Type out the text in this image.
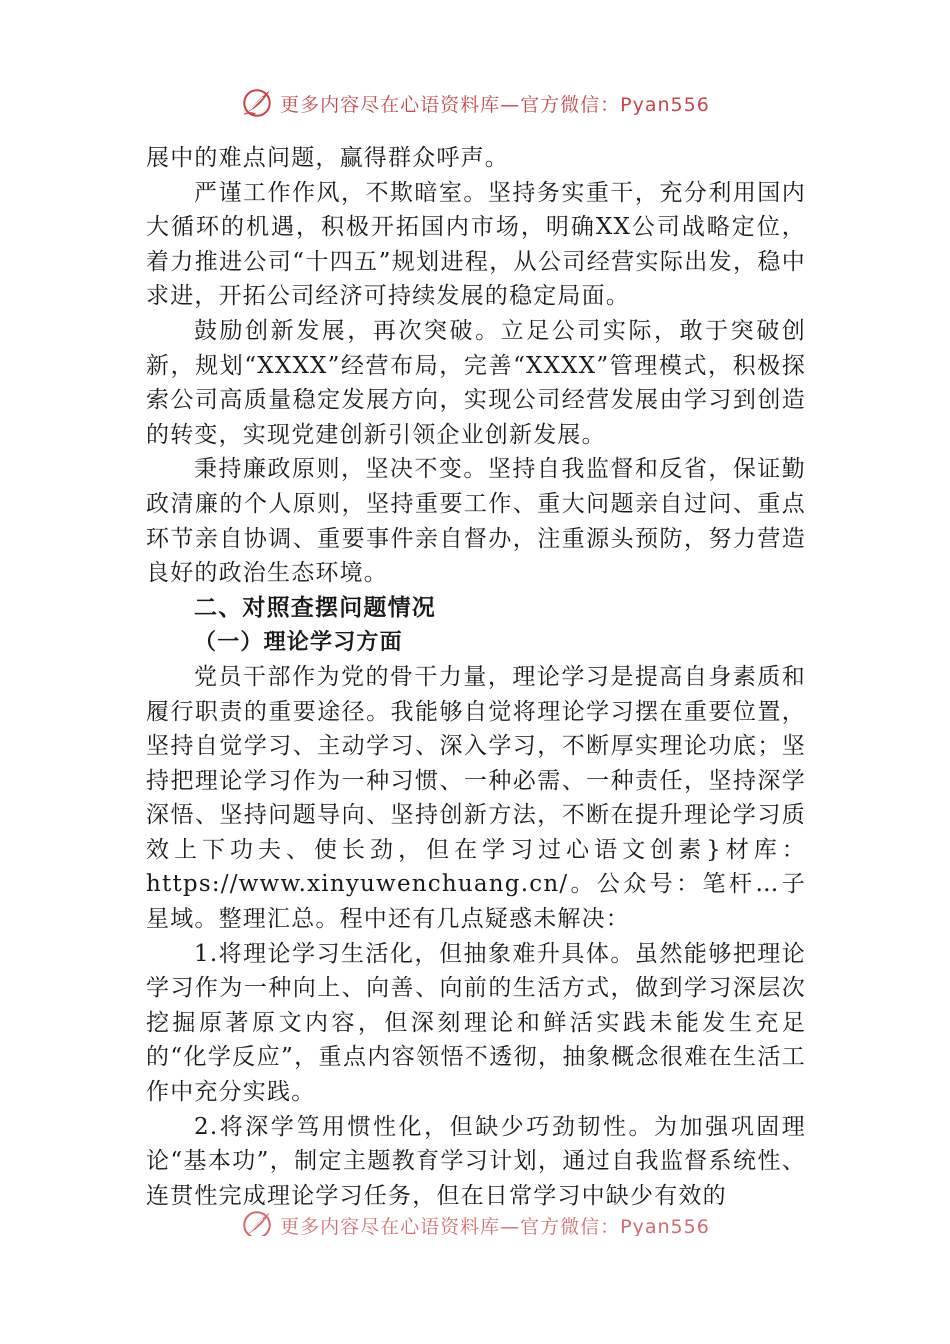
更多内容尽在心语资料库—官方微信：Pyan556

展中的难点问题，赢得群众呼声。

严谨工作作风，不欺暗室。坚持务实重干，充分利用国内大循环的机遇，积极开拓国内市场，明确XX公司战略定位，着力推进公司“十四五”规划进程，从公司经营实际出发，稳中求进，开拓公司经济可持续发展的稳定局面。

鼓励创新发展，再次突破。立足公司实际，敢于突破创新，规划“XXXX”经营布局，完善“XXXX”管理模式，积极探索公司高质量稳定发展方向，实现公司经营发展由学习到创造的转变，实现党建创新引领企业创新发展。

秉持廉政原则，坚决不变。坚持自我监督和反省，保证勤政清廉的个人原则，坚持重要工作、重大问题亲自过问、重点环节亲自协调、重要事件亲自督办，注重源头预防，努力营造良好的政治生态环境。

二、对照查摆问题情况

（一）理论学习方面

党员干部作为党的骨干力量，理论学习是提高自身素质和履行职责的重要途径。我能够自觉将理论学习摆在重要位置，坚持自觉学习、主动学习、深入学习，不断厚实理论功底；坚持把理论学习作为一种习惯、一种必需、一种责任，坚持深学深悟、坚持问题导向、坚持创新方法，不断在提升理论学习质效上下功夫、使长劲，但在学习过心语文创素}材库：https://www.xinyuwenchuang.cn/。公众号：笔杆…子星域。整理汇总。程中还有几点疑惑未解决：

1.将理论学习生活化，但抽象难升具体。虽然能够把理论学习作为一种向上、向善、向前的生活方式，做到学习深层次挖掘原著原文内容，但深刻理论和鲜活实践未能发生充足的“化学反应”，重点内容领悟不透彻，抽象概念很难在生活工作中充分实践。

2.将深学笃用惯性化，但缺少巧劲韧性。为加强巩固理论“基本功”，制定主题教育学习计划，通过自我监督系统性、连贯性完成理论学习任务，但在日常学习中缺少有效的

更多内容尽在心语资料库—官方微信：Pyan556
